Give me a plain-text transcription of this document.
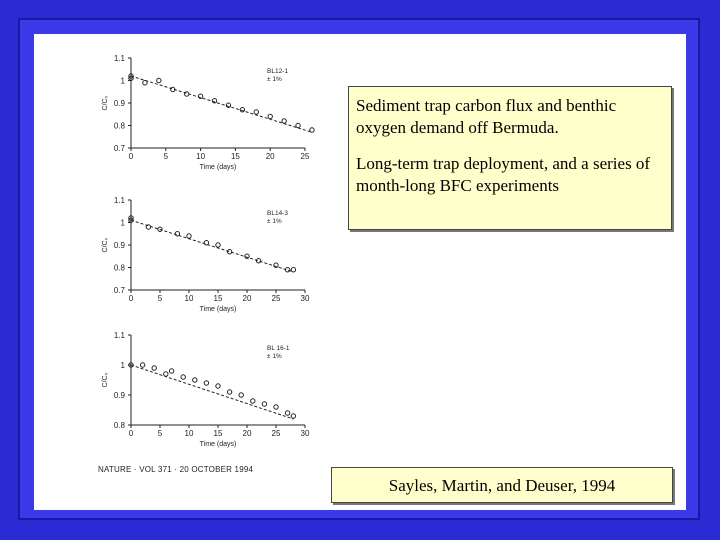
0.7
0.8
0.9
1
1.1
0	5	10	15	20	25
Time (days)
C/C₀
BL12-1
± 1%
0.7
0.8
0.9
1
1.1
0	5	10	15	20	25	30
Time (days)
C/C₀
BL14-3
± 1%
0.8
0.9
1
1.1
0	5	10	15	20	25	30
Time (days)
C/C₀
BL 16-1
± 1%

Sediment trap carbon flux and benthic oxygen demand off Bermuda.

Long-term trap deployment, and a series of month-long BFC experiments

Sayles, Martin, and Deuser, 1994
NATURE · VOL 371 · 20 OCTOBER 1994
